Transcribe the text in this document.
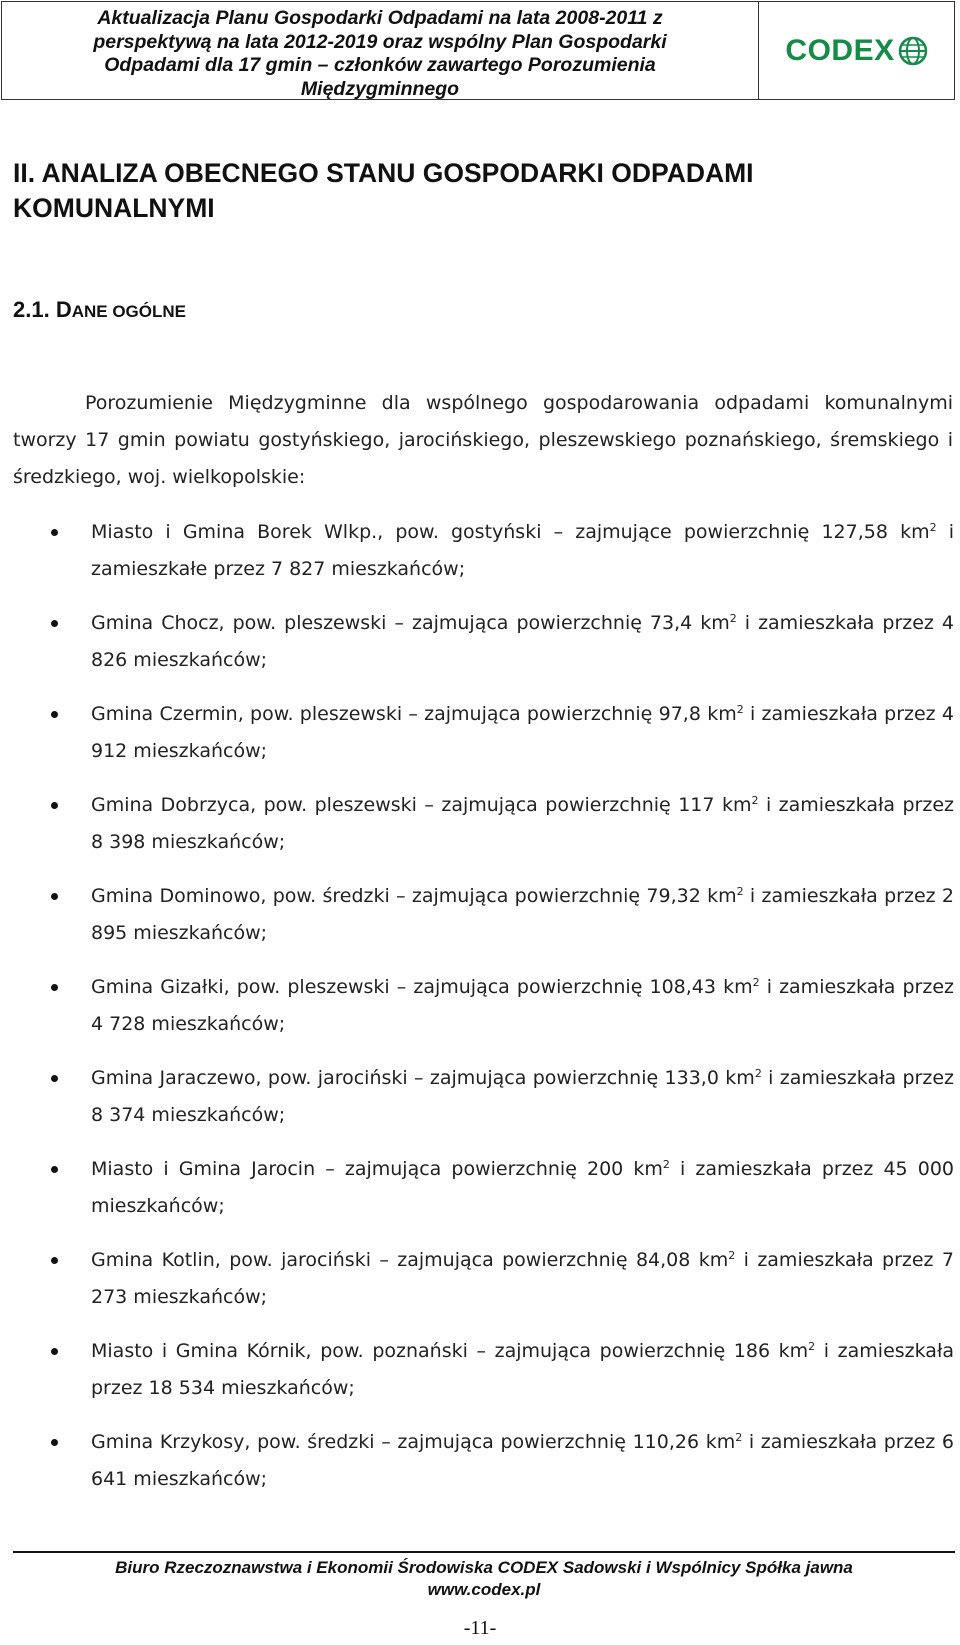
Aktualizacja Planu Gospodarki Odpadami na lata 2008-2011 z
perspektywą na lata 2012-2019 oraz wspólny Plan Gospodarki
Odpadami dla 17 gmin – członków zawartego Porozumienia
Międzygminnego
CODEX
II. ANALIZA OBECNEGO STANU GOSPODARKI ODPADAMI KOMUNALNYMI
2.1. DANE OGÓLNE
Porozumienie Międzygminne dla wspólnego gospodarowania odpadami komunalnymi tworzy 17 gmin powiatu gostyńskiego, jarocińskiego, pleszewskiego poznańskiego, śremskiego i średzkiego, woj. wielkopolskie:
Miasto i Gmina Borek Wlkp., pow. gostyński – zajmujące powierzchnię 127,58 $km^2$ i zamieszkałe przez 7 827 mieszkańców;
Gmina Chocz, pow. pleszewski – zajmująca powierzchnię 73,4 $km^2$ i zamieszkała przez 4 826 mieszkańców;
Gmina Czermin, pow. pleszewski – zajmująca powierzchnię 97,8 $km^2$ i zamieszkała przez 4 912 mieszkańców;
Gmina Dobrzyca, pow. pleszewski – zajmująca powierzchnię 117 $km^2$ i zamieszkała przez 8 398 mieszkańców;
Gmina Dominowo, pow. średzki – zajmująca powierzchnię 79,32 $km^2$ i zamieszkała przez 2 895 mieszkańców;
Gmina Gizałki, pow. pleszewski – zajmująca powierzchnię 108,43 $km^2$ i zamieszkała przez 4 728 mieszkańców;
Gmina Jaraczewo, pow. jarociński – zajmująca powierzchnię 133,0 $km^2$ i zamieszkała przez 8 374 mieszkańców;
Miasto i Gmina Jarocin – zajmująca powierzchnię 200 $km^2$ i zamieszkała przez 45 000 mieszkańców;
Gmina Kotlin, pow. jarociński – zajmująca powierzchnię 84,08 $km^2$ i zamieszkała przez 7 273 mieszkańców;
Miasto i Gmina Kórnik, pow. poznański – zajmująca powierzchnię 186 $km^2$ i zamieszkała przez 18 534 mieszkańców;
Gmina Krzykosy, pow. średzki – zajmująca powierzchnię 110,26 $km^2$ i zamieszkała przez 6 641 mieszkańców;
Biuro Rzeczoznawstwa i Ekonomii Środowiska CODEX Sadowski i Wspólnicy Spółka jawna
www.codex.pl
-11-
